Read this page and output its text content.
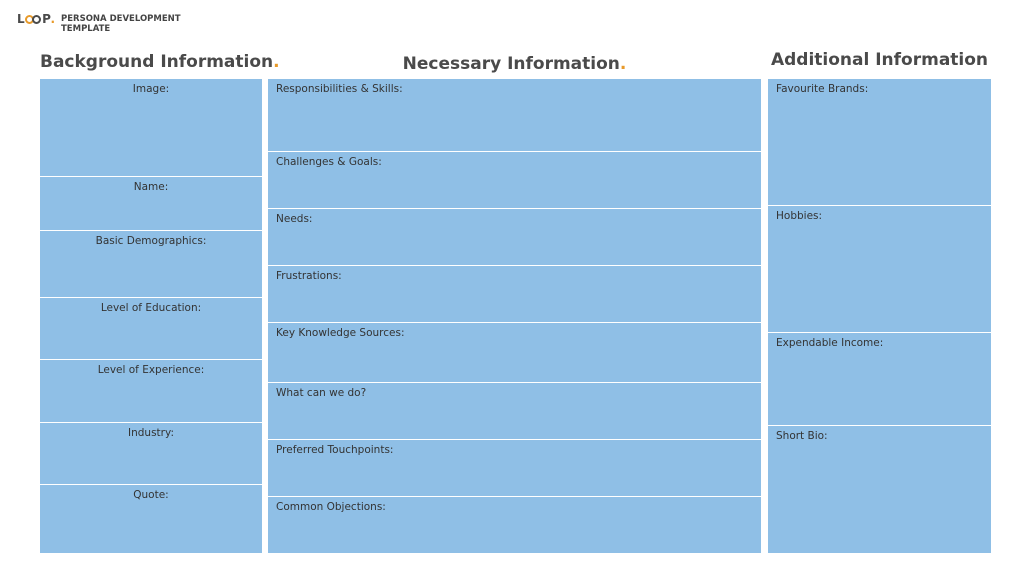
L P . PERSONA DEVELOPMENT TEMPLATE
Background Information.	Necessary Information.	Additional Information
Image:
Name:
Basic Demographics:
Level of Education:
Level of Experience:
Industry:
Quote:
Responsibilities & Skills:
Challenges & Goals:
Needs:
Frustrations:
Key Knowledge Sources:
What can we do?
Preferred Touchpoints:
Common Objections:
Favourite Brands:
Hobbies:
Expendable Income:
Short Bio:
